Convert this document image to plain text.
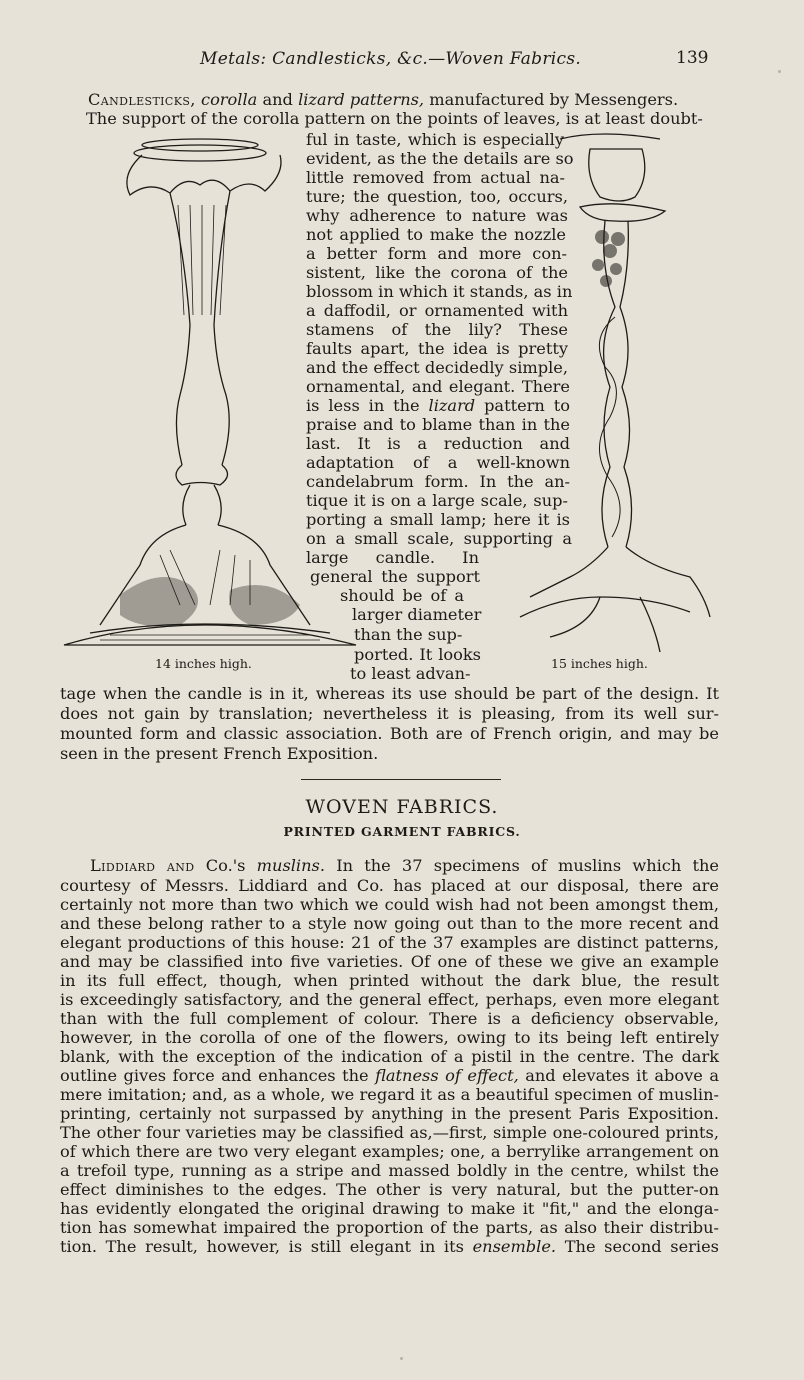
Metals: Candlesticks, &c.—Woven Fabrics.	139
Candlesticks, corolla and lizard patterns, manufactured by Messengers.
The support of the corolla pattern on the points of leaves, is at least doubt-
ful in taste, which is especially
evident, as the the details are so
little removed from actual na-
ture; the question, too, occurs,
why adherence to nature was
not applied to make the nozzle
a better form and more con-
sistent, like the corona of the
blossom in which it stands, as in
a daffodil, or ornamented with
stamens of the lily? These
faults apart, the idea is pretty
and the effect decidedly simple,
ornamental, and elegant. There
is less in the lizard pattern to
praise and to blame than in the
last. It is a reduction and
adaptation of a well-known
candelabrum form. In the an-
tique it is on a large scale, sup-
porting a small lamp; here it is
on a small scale, supporting a
large candle. In
general the support
should be of a
larger diameter
than the sup-
ported. It looks
to least advan-
14 inches high.	15 inches high.
tage when the candle is in it, whereas its use should be part of the design. It
does not gain by translation; nevertheless it is pleasing, from its well sur-
mounted form and classic association. Both are of French origin, and may be
seen in the present French Exposition.
WOVEN FABRICS.
PRINTED GARMENT FABRICS.
Liddiard and Co.'s muslins. In the 37 specimens of muslins which the
courtesy of Messrs. Liddiard and Co. has placed at our disposal, there are
certainly not more than two which we could wish had not been amongst them,
and these belong rather to a style now going out than to the more recent and
elegant productions of this house: 21 of the 37 examples are distinct patterns,
and may be classified into five varieties. Of one of these we give an example
in its full effect, though, when printed without the dark blue, the result
is exceedingly satisfactory, and the general effect, perhaps, even more elegant
than with the full complement of colour. There is a deficiency observable,
however, in the corolla of one of the flowers, owing to its being left entirely
blank, with the exception of the indication of a pistil in the centre. The dark
outline gives force and enhances the flatness of effect, and elevates it above a
mere imitation; and, as a whole, we regard it as a beautiful specimen of muslin-
printing, certainly not surpassed by anything in the present Paris Exposition.
The other four varieties may be classified as,—first, simple one-coloured prints,
of which there are two very elegant examples; one, a berrylike arrangement on
a trefoil type, running as a stripe and massed boldly in the centre, whilst the
effect diminishes to the edges. The other is very natural, but the putter-on
has evidently elongated the original drawing to make it "fit," and the elonga-
tion has somewhat impaired the proportion of the parts, as also their distribu-
tion. The result, however, is still elegant in its ensemble. The second series
